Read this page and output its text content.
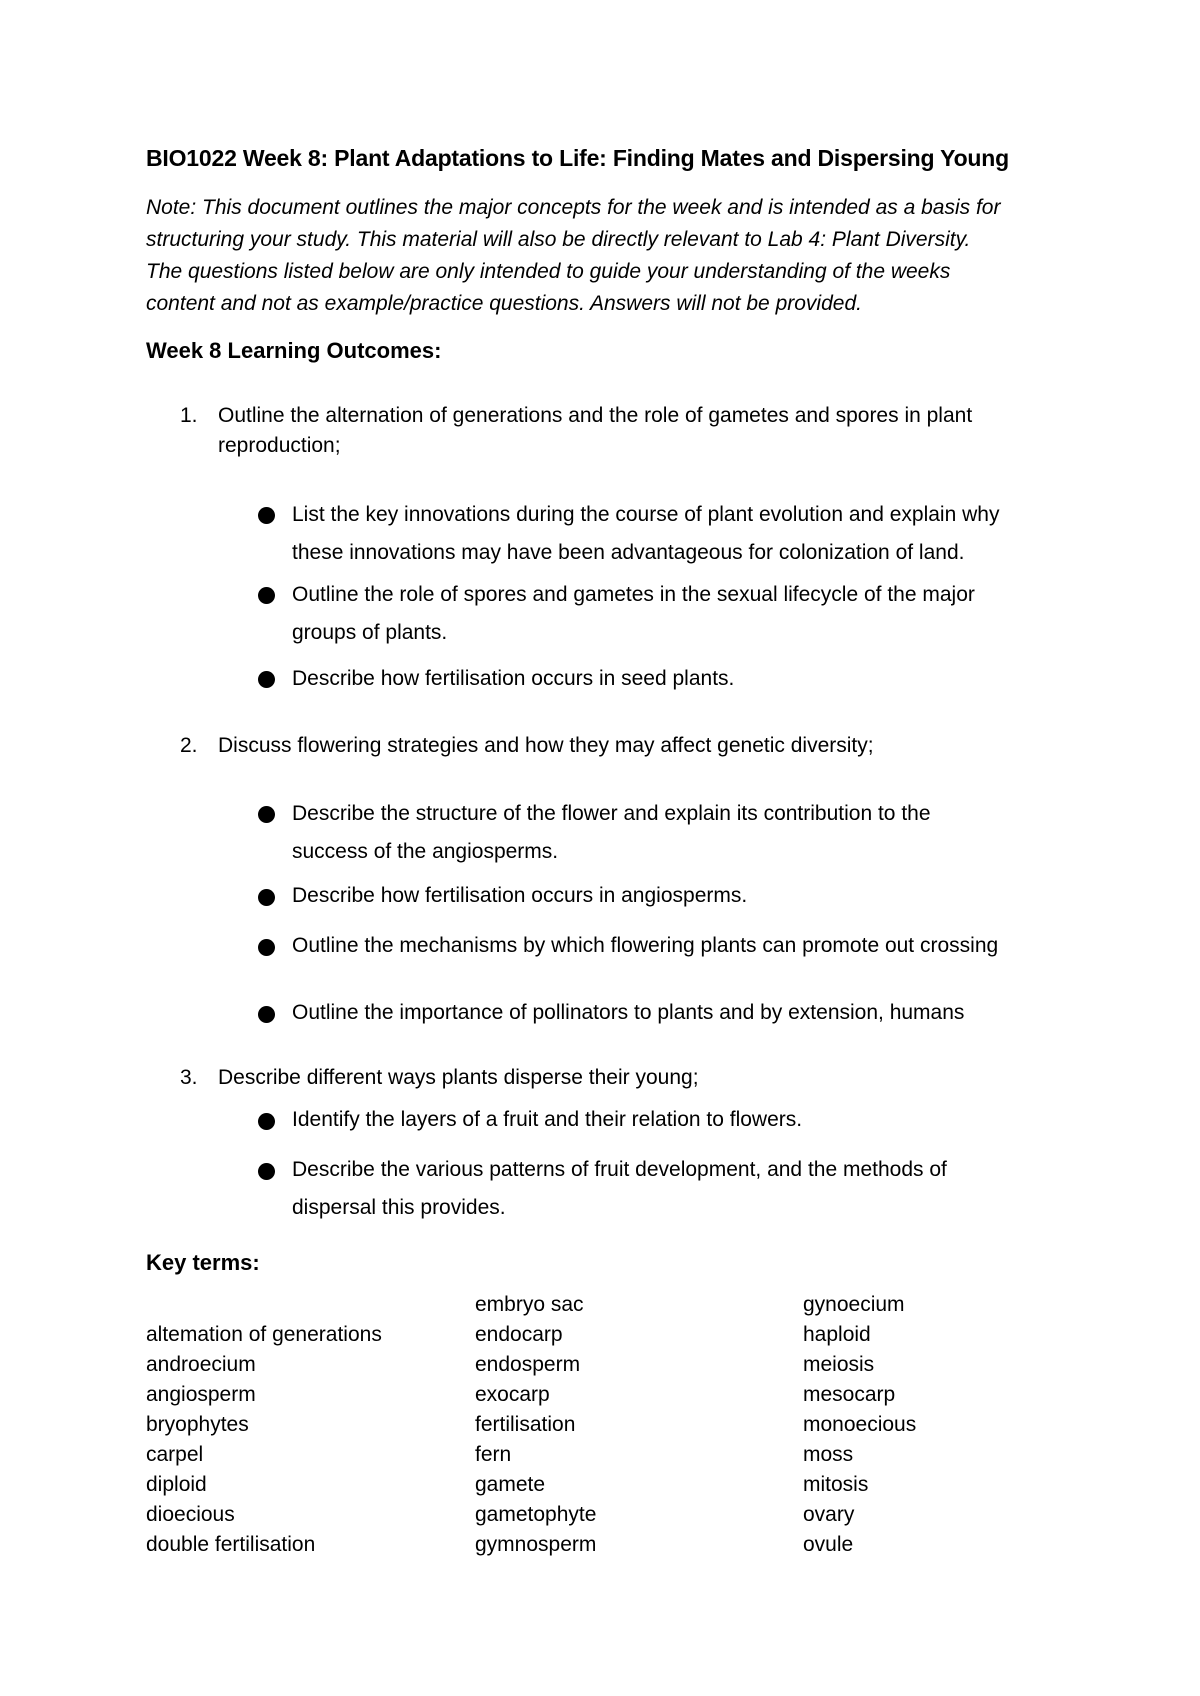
BIO1022 Week 8: Plant Adaptations to Life: Finding Mates and Dispersing Young
Note: This document outlines the major concepts for the week and is intended as a basis for
structuring your study. This material will also be directly relevant to Lab 4: Plant Diversity.
The questions listed below are only intended to guide your understanding of the weeks
content and not as example/practice questions. Answers will not be provided.
Week 8 Learning Outcomes:
1. Outline the alternation of generations and the role of gametes and spores in plant
reproduction;
List the key innovations during the course of plant evolution and explain why
these innovations may have been advantageous for colonization of land.
Outline the role of spores and gametes in the sexual lifecycle of the major
groups of plants.
Describe how fertilisation occurs in seed plants.
2. Discuss flowering strategies and how they may affect genetic diversity;
Describe the structure of the flower and explain its contribution to the
success of the angiosperms.
Describe how fertilisation occurs in angiosperms.
Outline the mechanisms by which flowering plants can promote out crossing
Outline the importance of pollinators to plants and by extension, humans
3. Describe different ways plants disperse their young;
Identify the layers of a fruit and their relation to flowers.
Describe the various patterns of fruit development, and the methods of
dispersal this provides.
Key terms:
altemation of generations
androecium
angiosperm
bryophytes
carpel
diploid
dioecious
double fertilisation
embryo sac
endocarp
endosperm
exocarp
fertilisation
fern
gamete
gametophyte
gymnosperm
gynoecium
haploid
meiosis
mesocarp
monoecious
moss
mitosis
ovary
ovule
